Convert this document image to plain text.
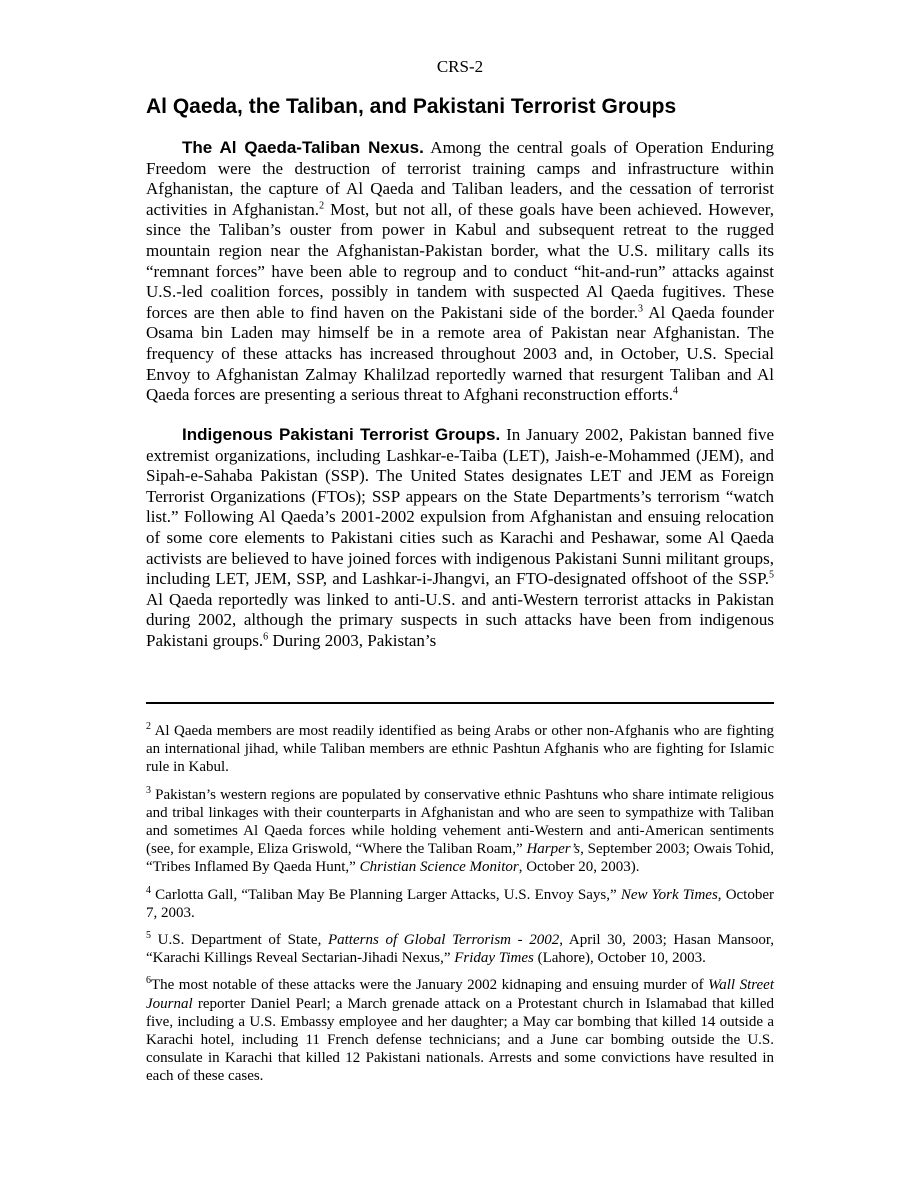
CRS-2
Al Qaeda, the Taliban, and Pakistani Terrorist Groups

The Al Qaeda-Taliban Nexus. Among the central goals of Operation Enduring Freedom were the destruction of terrorist training camps and infrastructure within Afghanistan, the capture of Al Qaeda and Taliban leaders, and the cessation of terrorist activities in Afghanistan.$^2$ Most, but not all, of these goals have been achieved. However, since the Taliban’s ouster from power in Kabul and subsequent retreat to the rugged mountain region near the Afghanistan-Pakistan border, what the U.S. military calls its “remnant forces” have been able to regroup and to conduct “hit-and-run” attacks against U.S.-led coalition forces, possibly in tandem with suspected Al Qaeda fugitives. These forces are then able to find haven on the Pakistani side of the border.$^3$ Al Qaeda founder Osama bin Laden may himself be in a remote area of Pakistan near Afghanistan. The frequency of these attacks has increased throughout 2003 and, in October, U.S. Special Envoy to Afghanistan Zalmay Khalilzad reportedly warned that resurgent Taliban and Al Qaeda forces are presenting a serious threat to Afghani reconstruction efforts.$^4$

Indigenous Pakistani Terrorist Groups. In January 2002, Pakistan banned five extremist organizations, including Lashkar-e-Taiba (LET), Jaish-e-Mohammed (JEM), and Sipah-e-Sahaba Pakistan (SSP). The United States designates LET and JEM as Foreign Terrorist Organizations (FTOs); SSP appears on the State Departments’s terrorism “watch list.” Following Al Qaeda’s 2001-2002 expulsion from Afghanistan and ensuing relocation of some core elements to Pakistani cities such as Karachi and Peshawar, some Al Qaeda activists are believed to have joined forces with indigenous Pakistani Sunni militant groups, including LET, JEM, SSP, and Lashkar-i-Jhangvi, an FTO-designated offshoot of the SSP.$^5$ Al Qaeda reportedly was linked to anti-U.S. and anti-Western terrorist attacks in Pakistan during 2002, although the primary suspects in such attacks have been from indigenous Pakistani groups.$^6$ During 2003, Pakistan’s

$^2$ Al Qaeda members are most readily identified as being Arabs or other non-Afghanis who are fighting an international jihad, while Taliban members are ethnic Pashtun Afghanis who are fighting for Islamic rule in Kabul.

$^3$ Pakistan’s western regions are populated by conservative ethnic Pashtuns who share intimate religious and tribal linkages with their counterparts in Afghanistan and who are seen to sympathize with Taliban and sometimes Al Qaeda forces while holding vehement anti-Western and anti-American sentiments (see, for example, Eliza Griswold, “Where the Taliban Roam,” Harper’s, September 2003; Owais Tohid, “Tribes Inflamed By Qaeda Hunt,” Christian Science Monitor, October 20, 2003).

$^4$ Carlotta Gall, “Taliban May Be Planning Larger Attacks, U.S. Envoy Says,” New York Times, October 7, 2003.

$^5$ U.S. Department of State, Patterns of Global Terrorism - 2002, April 30, 2003; Hasan Mansoor, “Karachi Killings Reveal Sectarian-Jihadi Nexus,” Friday Times (Lahore), October 10, 2003.

$^6$The most notable of these attacks were the January 2002 kidnaping and ensuing murder of Wall Street Journal reporter Daniel Pearl; a March grenade attack on a Protestant church in Islamabad that killed five, including a U.S. Embassy employee and her daughter; a May car bombing that killed 14 outside a Karachi hotel, including 11 French defense technicians; and a June car bombing outside the U.S. consulate in Karachi that killed 12 Pakistani nationals. Arrests and some convictions have resulted in each of these cases.
